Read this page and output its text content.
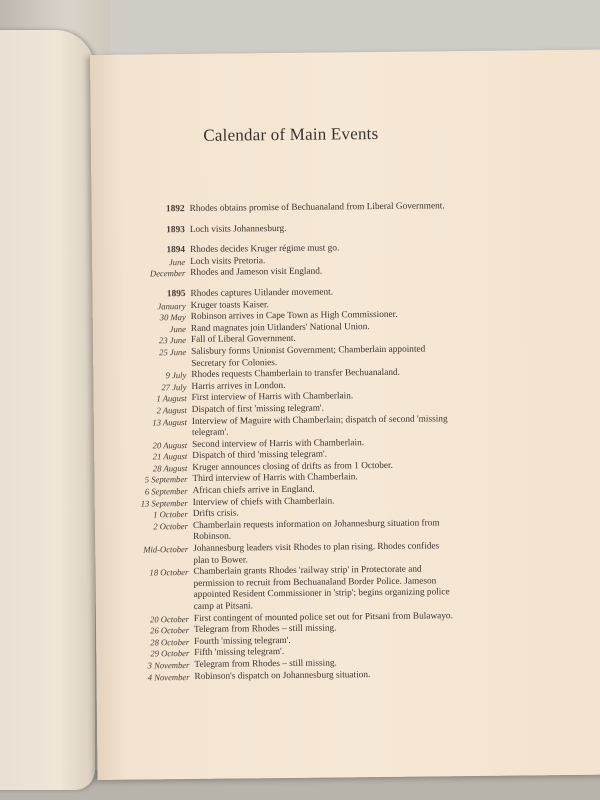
Calendar of Main Events
1892 Rhodes obtains promise of Bechuanaland from Liberal Government.
1893 Loch visits Johannesburg.
1894 Rhodes decides Kruger régime must go.
June Loch visits Pretoria.
December Rhodes and Jameson visit England.
1895 Rhodes captures Uitlander movement.
January Kruger toasts Kaiser.
30 May Robinson arrives in Cape Town as High Commissioner.
June Rand magnates join Uitlanders' National Union.
23 June Fall of Liberal Government.
25 June Salisbury forms Unionist Government; Chamberlain appointed Secretary for Colonies.
9 July Rhodes requests Chamberlain to transfer Bechuanaland.
27 July Harris arrives in London.
1 August First interview of Harris with Chamberlain.
2 August Dispatch of first 'missing telegram'.
13 August Interview of Maguire with Chamberlain; dispatch of second 'missing telegram'.
20 August Second interview of Harris with Chamberlain.
21 August Dispatch of third 'missing telegram'.
28 August Kruger announces closing of drifts as from 1 October.
5 September Third interview of Harris with Chamberlain.
6 September African chiefs arrive in England.
13 September Interview of chiefs with Chamberlain.
1 October Drifts crisis.
2 October Chamberlain requests information on Johannesburg situation from Robinson.
Mid-October Johannesburg leaders visit Rhodes to plan rising. Rhodes confides plan to Bower.
18 October Chamberlain grants Rhodes 'railway strip' in Protectorate and permission to recruit from Bechuanaland Border Police. Jameson appointed Resident Commissioner in 'strip'; begins organizing police camp at Pitsani.
20 October First contingent of mounted police set out for Pitsani from Bulawayo.
26 October Telegram from Rhodes – still missing.
28 October Fourth 'missing telegram'.
29 October Fifth 'missing telegram'.
3 November Telegram from Rhodes – still missing.
4 November Robinson's dispatch on Johannesburg situation.
